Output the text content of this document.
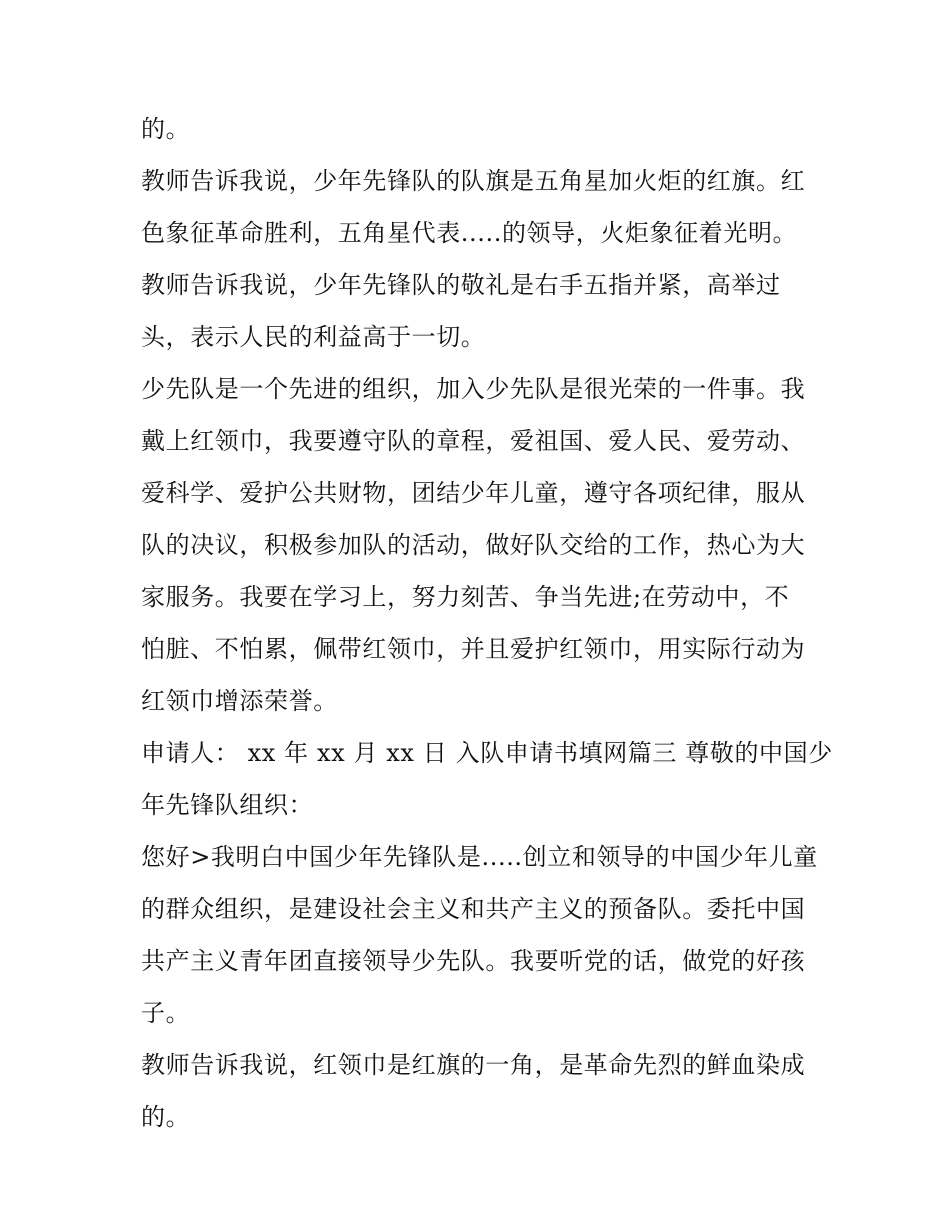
的。
教师告诉我说，少年先锋队的队旗是五角星加火炬的红旗。红
色象征革命胜利，五角星代表.....的领导，火炬象征着光明。
教师告诉我说，少年先锋队的敬礼是右手五指并紧，高举过
头，表示人民的利益高于一切。
少先队是一个先进的组织，加入少先队是很光荣的一件事。我
戴上红领巾，我要遵守队的章程，爱祖国、爱人民、爱劳动、
爱科学、爱护公共财物，团结少年儿童，遵守各项纪律，服从
队的决议，积极参加队的活动，做好队交给的工作，热心为大
家服务。我要在学习上，努力刻苦、争当先进;在劳动中，不
怕脏、不怕累，佩带红领巾，并且爱护红领巾，用实际行动为
红领巾增添荣誉。
申请人： xx 年 xx 月 xx 日 入队申请书填网篇三 尊敬的中国少
年先锋队组织：
您好>我明白中国少年先锋队是.....创立和领导的中国少年儿童
的群众组织，是建设社会主义和共产主义的预备队。委托中国
共产主义青年团直接领导少先队。我要听党的话，做党的好孩
子。
教师告诉我说，红领巾是红旗的一角，是革命先烈的鲜血染成
的。
